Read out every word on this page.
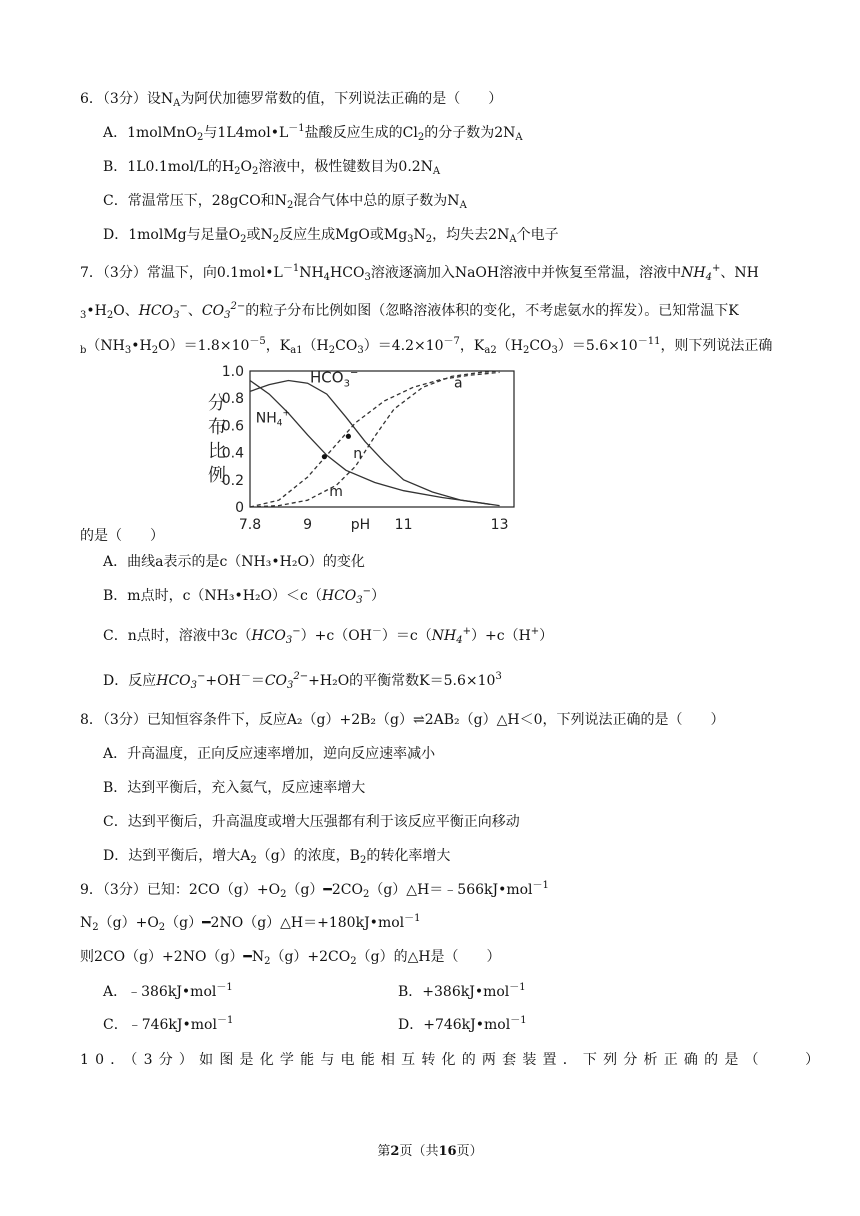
6．（3分）设$N_A$为阿伏加德罗常数的值，下列说法正确的是（　　）
A．1molMnO$_2$与$1L4mol•L^{-1}$盐酸反应生成的$Cl_2$的分子数为$2N_A$
B．1L0.1mol/L的$H_2O_2$溶液中，极性键数目为$0.2N_A$
C．常温常压下，28gCO和$N_2$混合气体中总的原子数为$N_A$
D．1molMg与足量$O_2$或$N_2$反应生成MgO或$Mg_3N_2$，均失去$2N_A$个电子
7．（3分）常温下，向$0.1mol•L^{-1}NH_4HCO_3$溶液逐滴加入NaOH溶液中并恢复至常温，溶液中$NH_4^+$、NH
$_3•H_2O$、$HCO_3^-$、$CO_3^{2-}$的粒子分布比例如图（忽略溶液体积的变化，不考虑氨水的挥发）。已知常温下K
$_b(NH_3•H_2O)=1.8\times 10^{-5}$，$K_{a1}(H_2CO_3)=4.2\times 10^{-7}$，$K_{a2}(H_2CO_3)=5.6\times 10^{-11}$，则下列说法正确
0
0.2
0.4
0.6
0.8
1.0
7.8	9	11	13
pH
分
布
比
例
$HCO_3^-$
$NH_4^+$
a
m
n
的是（　　）
A．曲线a表示的是c（NH₃•H₂O）的变化
B．m点时，$c(NH_3•H_2O)<c(HCO_3^-)$
C．n点时，溶液中$3c(HCO_3^-)+c(OH^-)=c(NH_4^+)+c(H^+)$
D．反应$HCO_3^-+OH^-=CO_3^{2-}+H_2O$的平衡常数$K=5.6\times 10^3$
8．（3分）已知恒容条件下，反应A₂（g）+2B₂（g）⇌2AB₂（g）△H＜0，下列说法正确的是（　　）
A．升高温度，正向反应速率增加，逆向反应速率减小
B．达到平衡后，充入氦气，反应速率增大
C．达到平衡后，升高温度或增大压强都有利于该反应平衡正向移动
D．达到平衡后，增大$A_2(g)$的浓度，$B_2$的转化率增大
9．（3分）已知：$2CO(g)+O_2(g)━2CO_2(g)\triangle H=﹣566kJ•mol^{-1}$
$N_2(g)+O_2(g)━2NO(g)\triangle H=+180kJ•mol^{-1}$
则$2CO(g)+2NO(g)━N_2(g)+2CO_2(g)$的△H是（　　）
A．﹣386kJ•mol$^{-1}$	B．+386kJ•mol$^{-1}$
C．﹣746kJ•mol$^{-1}$	D．+746kJ•mol$^{-1}$
10．（3分）如图是化学能与电能相互转化的两套装置．下列分析正确的是（　　）
第2页（共16页）
